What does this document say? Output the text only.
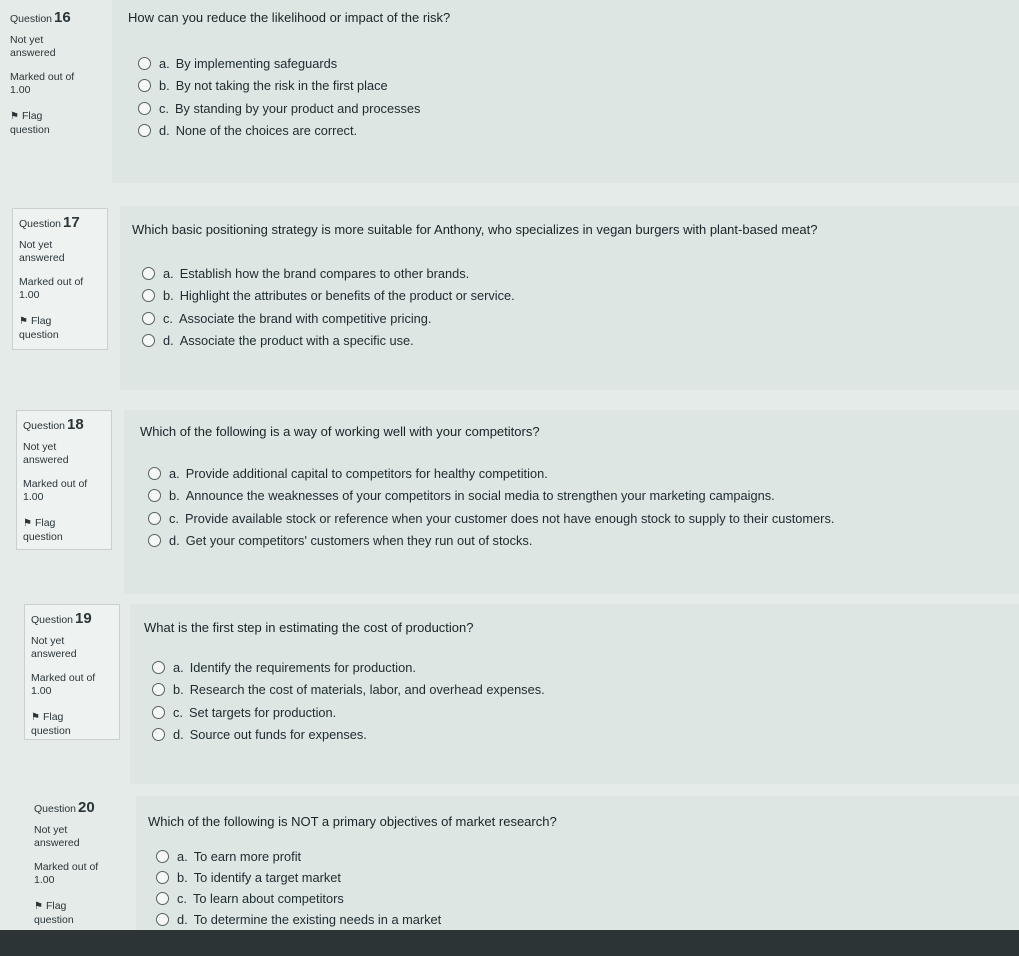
Question 16
Not yet
answered
Marked out of
1.00
⚑ Flag
question
How can you reduce the likelihood or impact of the risk?
a. By implementing safeguards
b. By not taking the risk in the first place
c. By standing by your product and processes
d. None of the choices are correct.
Question 17
Not yet
answered
Marked out of
1.00
⚑ Flag
question
Which basic positioning strategy is more suitable for Anthony, who specializes in vegan burgers with plant-based meat?
a. Establish how the brand compares to other brands.
b. Highlight the attributes or benefits of the product or service.
c. Associate the brand with competitive pricing.
d. Associate the product with a specific use.
Question 18
Not yet
answered
Marked out of
1.00
⚑ Flag
question
Which of the following is a way of working well with your competitors?
a. Provide additional capital to competitors for healthy competition.
b. Announce the weaknesses of your competitors in social media to strengthen your marketing campaigns.
c. Provide available stock or reference when your customer does not have enough stock to supply to their customers.
d. Get your competitors' customers when they run out of stocks.
Question 19
Not yet
answered
Marked out of
1.00
⚑ Flag
question
What is the first step in estimating the cost of production?
a. Identify the requirements for production.
b. Research the cost of materials, labor, and overhead expenses.
c. Set targets for production.
d. Source out funds for expenses.
Question 20
Not yet
answered
Marked out of
1.00
⚑ Flag
question
Which of the following is NOT a primary objectives of market research?
a. To earn more profit
b. To identify a target market
c. To learn about competitors
d. To determine the existing needs in a market
